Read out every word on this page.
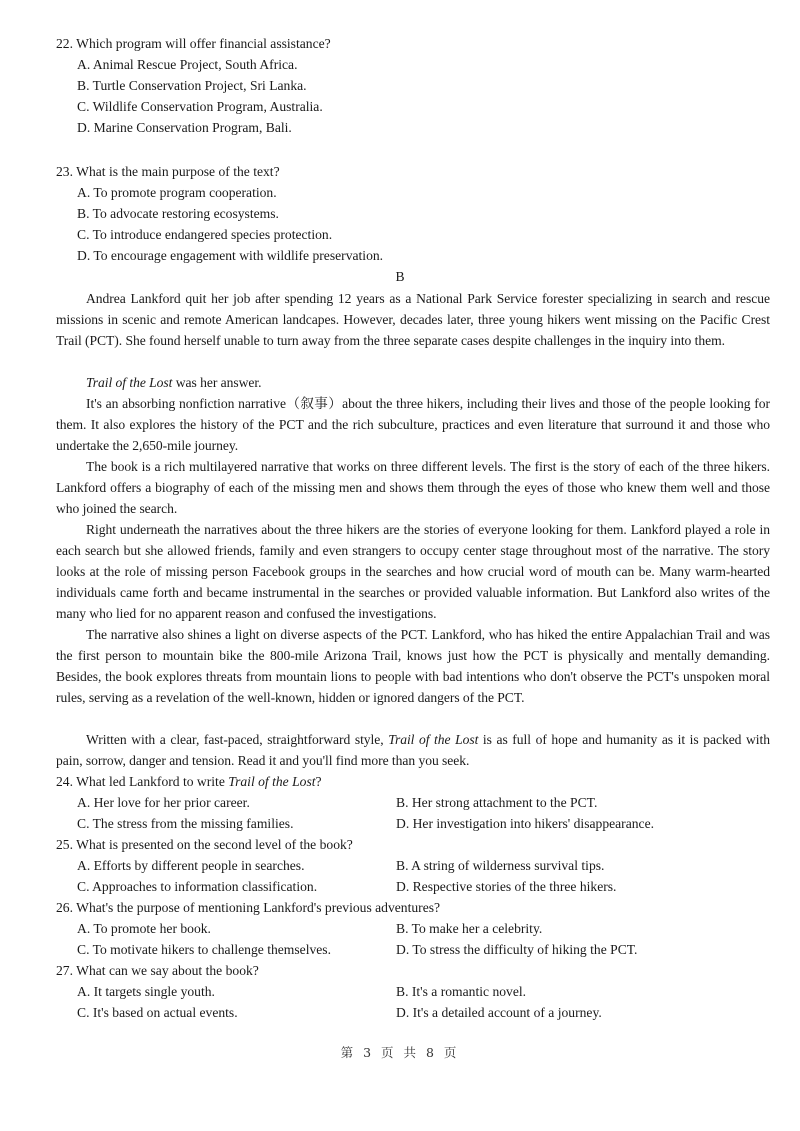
22. Which program will offer financial assistance?
A. Animal Rescue Project, South Africa.
B. Turtle Conservation Project, Sri Lanka.
C. Wildlife Conservation Program, Australia.
D. Marine Conservation Program, Bali.
23. What is the main purpose of the text?
A. To promote program cooperation.
B. To advocate restoring ecosystems.
C. To introduce endangered species protection.
D. To encourage engagement with wildlife preservation.
B
Andrea Lankford quit her job after spending 12 years as a National Park Service forester specializing in search and rescue missions in scenic and remote American landcapes. However, decades later, three young hikers went missing on the Pacific Crest Trail (PCT). She found herself unable to turn away from the three separate cases despite challenges in the inquiry into them.
Trail of the Lost was her answer.
It's an absorbing nonfiction narrative（叙事）about the three hikers, including their lives and those of the people looking for them. It also explores the history of the PCT and the rich subculture, practices and even literature that surround it and those who undertake the 2,650-mile journey.
The book is a rich multilayered narrative that works on three different levels. The first is the story of each of the three hikers. Lankford offers a biography of each of the missing men and shows them through the eyes of those who knew them well and those who joined the search.
Right underneath the narratives about the three hikers are the stories of everyone looking for them. Lankford played a role in each search but she allowed friends, family and even strangers to occupy center stage throughout most of the narrative. The story looks at the role of missing person Facebook groups in the searches and how crucial word of mouth can be. Many warm-hearted individuals came forth and became instrumental in the searches or provided valuable information. But Lankford also writes of the many who lied for no apparent reason and confused the investigations.
The narrative also shines a light on diverse aspects of the PCT. Lankford, who has hiked the entire Appalachian Trail and was the first person to mountain bike the 800-mile Arizona Trail, knows just how the PCT is physically and mentally demanding. Besides, the book explores threats from mountain lions to people with bad intentions who don't observe the PCT's unspoken moral rules, serving as a revelation of the well-known, hidden or ignored dangers of the PCT.
Written with a clear, fast-paced, straightforward style, Trail of the Lost is as full of hope and humanity as it is packed with pain, sorrow, danger and tension. Read it and you'll find more than you seek.
24. What led Lankford to write Trail of the Lost?
A. Her love for her prior career.	B. Her strong attachment to the PCT.
C. The stress from the missing families.	D. Her investigation into hikers' disappearance.
25. What is presented on the second level of the book?
A. Efforts by different people in searches.	B. A string of wilderness survival tips.
C. Approaches to information classification.	D. Respective stories of the three hikers.
26. What's the purpose of mentioning Lankford's previous adventures?
A. To promote her book.	B. To make her a celebrity.
C. To motivate hikers to challenge themselves.	D. To stress the difficulty of hiking the PCT.
27. What can we say about the book?
A. It targets single youth.	B. It's a romantic novel.
C. It's based on actual events.	D. It's a detailed account of a journey.
第 3 页 共 8 页
